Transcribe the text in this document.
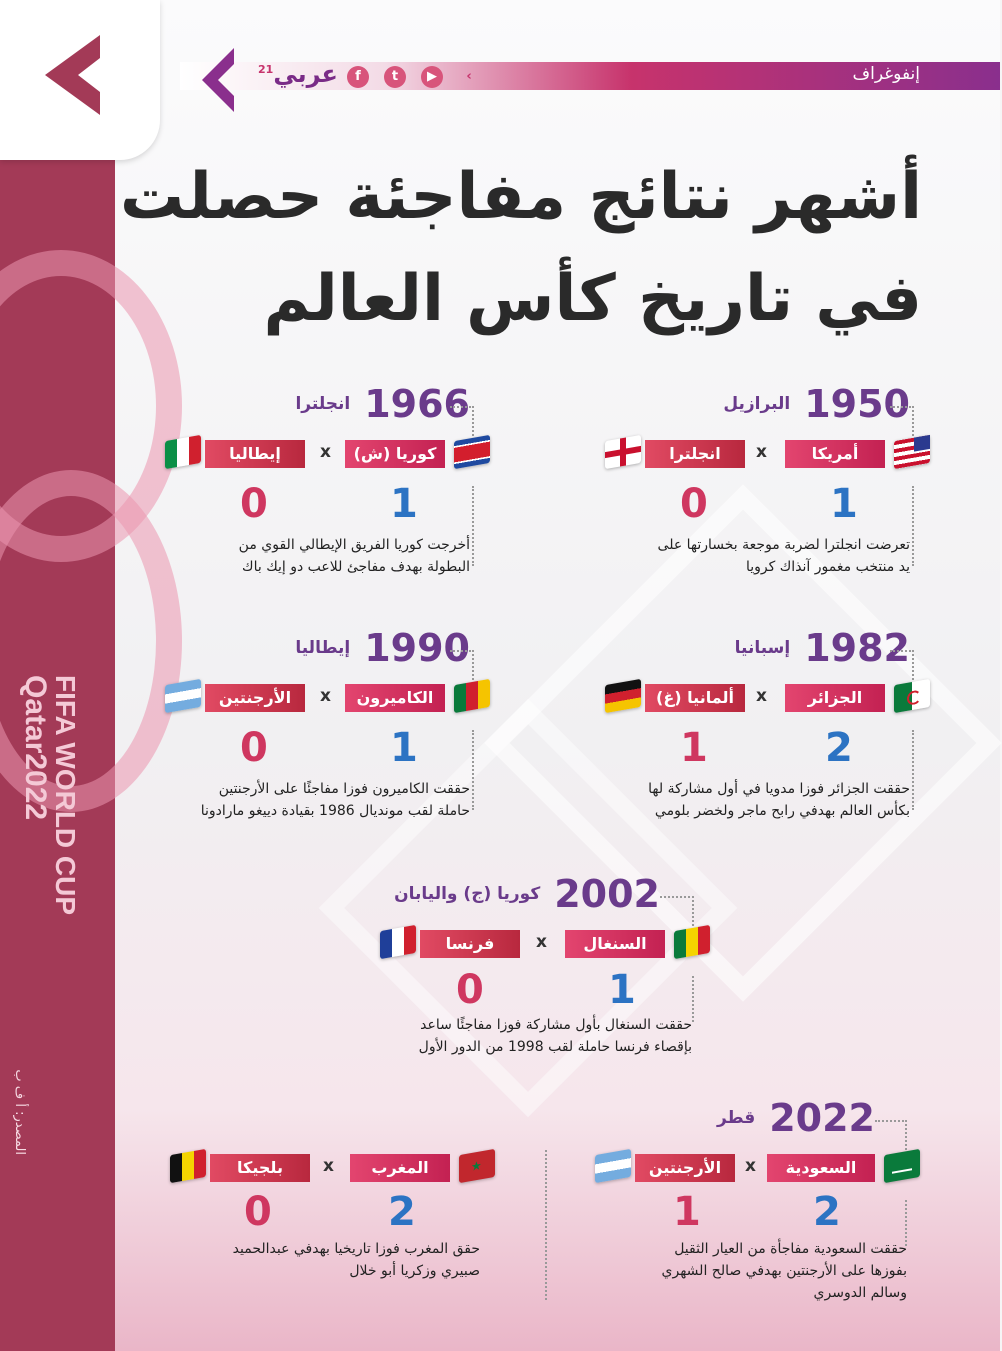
FIFA WORLD CUP
Qatar2022
المصدر: أ ف ب
إنفوغراف
عربي$^{21}$	f	t	▶	‹
أشهر نتائج مفاجئة حصلت
في تاريخ كأس العالم
1950البرازيل
أمريكا
x
انجلترا
1
0
تعرضت انجلترا لضربة موجعة بخسارتها على
يد منتخب مغمور آنذاك كرويا
1966انجلترا
كوريا (ش)
x
إيطاليا
1
0
أخرجت كوريا الفريق الإيطالي القوي من
البطولة بهدف مفاجئ للاعب دو إيك باك
1982إسبانيا
الجزائر
x
ألمانيا (غ)
2
1
حققت الجزائر فوزا مدويا في أول مشاركة لها
بكأس العالم بهدفي رابح ماجر ولخضر بلومي
1990إيطاليا
الكاميرون
x
الأرجنتين
1
0
حققت الكاميرون فوزا مفاجئًا على الأرجنتين
حاملة لقب مونديال 1986 بقيادة دييغو مارادونا
2002كوريا (ج) واليابان
السنغال
x
فرنسا
1
0
حققت السنغال بأول مشاركة فوزا مفاجئًا ساعد
بإقصاء فرنسا حاملة لقب 1998 من الدور الأول
2022قطر
السعودية
x
الأرجنتين
2
1
حققت السعودية مفاجأة من العيار الثقيل
بفوزها على الأرجنتين بهدفي صالح الشهري
وسالم الدوسري
المغرب	★
x
بلجيكا
2
0
حقق المغرب فوزا تاريخيا بهدفي عبدالحميد
صبيري وزكريا أبو خلال
